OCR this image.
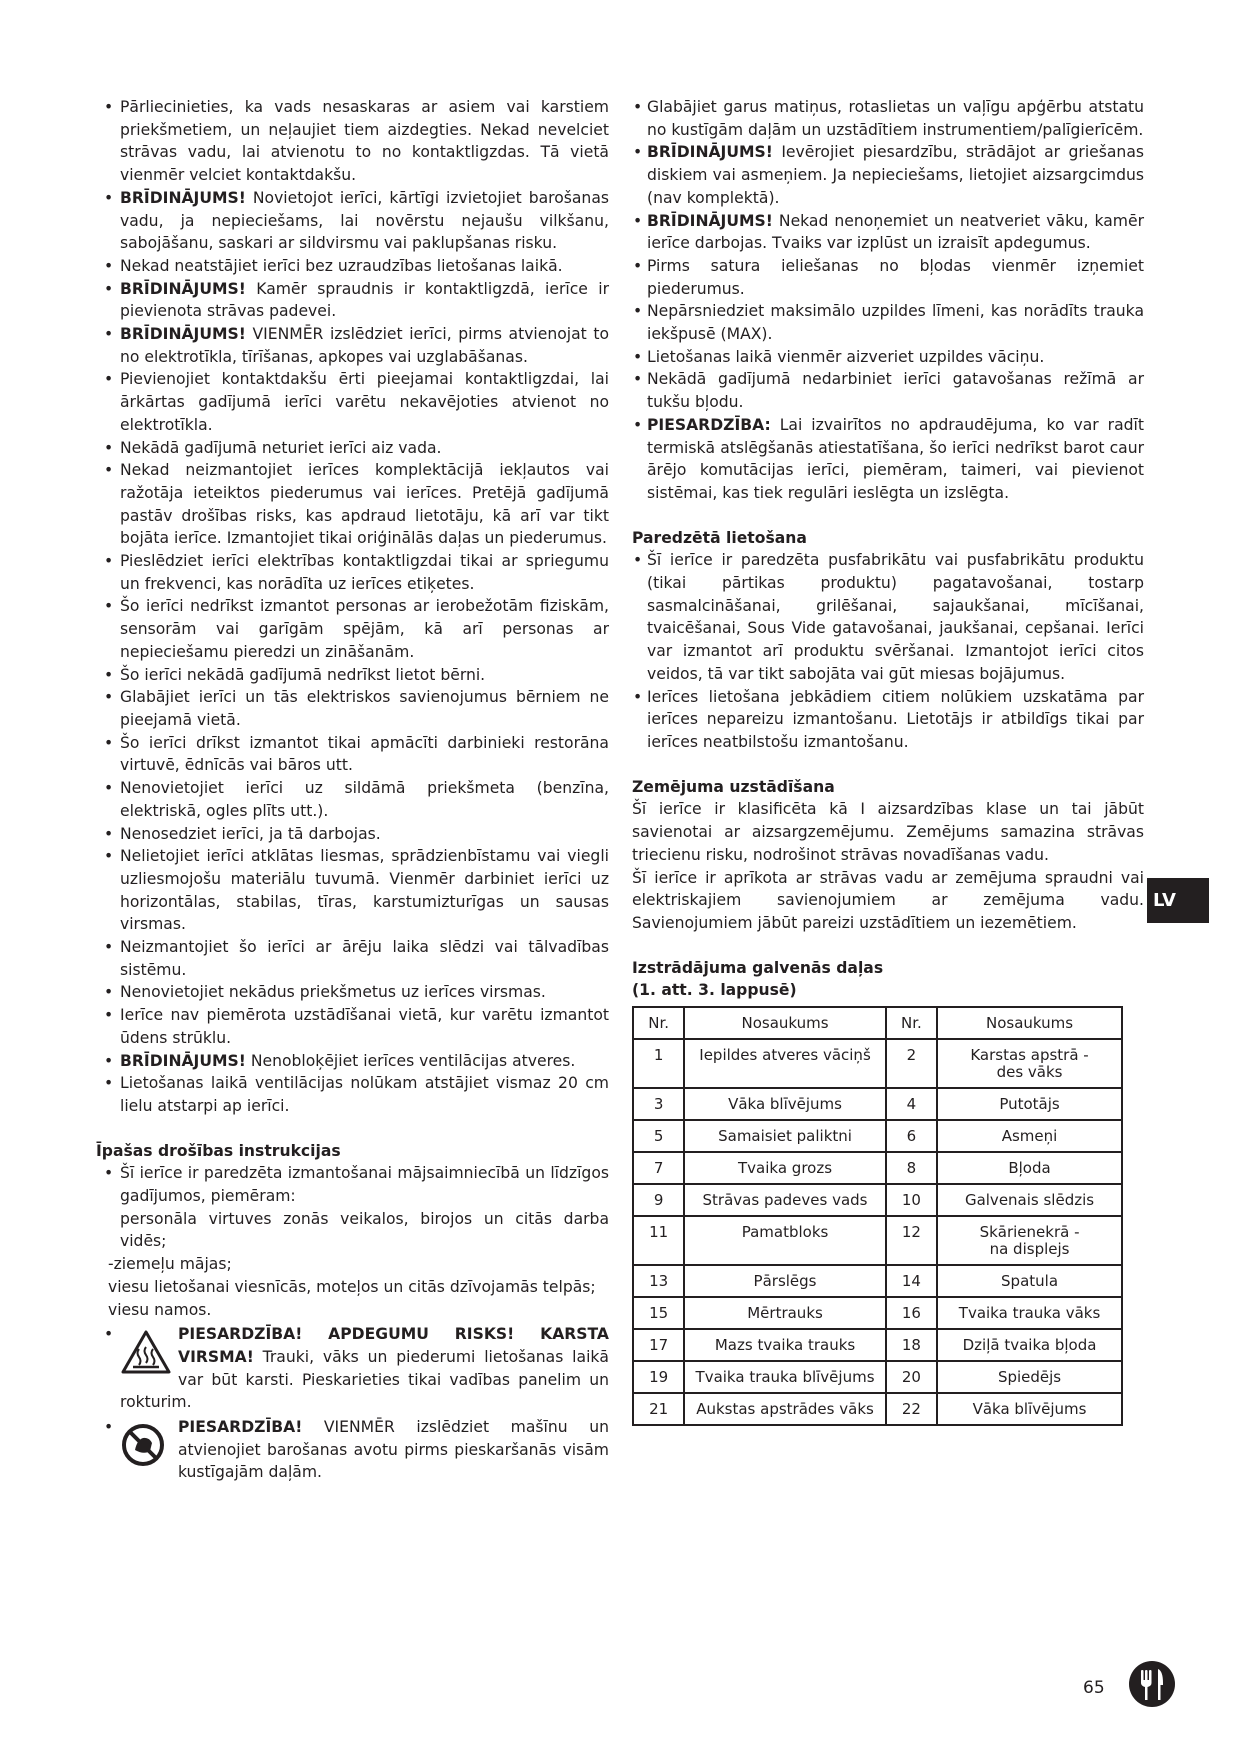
• Pārliecinieties, ka vads nesaskaras ar asiem vai karstiem priekšmetiem, un neļaujiet tiem aizdegties. Nekad nevelciet strāvas vadu, lai atvienotu to no kontaktligzdas. Tā vietā vienmēr velciet kontaktdakšu.
• BRĪDINĀJUMS! Novietojot ierīci, kārtīgi izvietojiet barošanas vadu, ja nepieciešams, lai novērstu nejaušu vilkšanu, sabojāšanu, saskari ar sildvirsmu vai paklupšanas risku.
• Nekad neatstājiet ierīci bez uzraudzības lietošanas laikā.
• BRĪDINĀJUMS! Kamēr spraudnis ir kontaktligzdā, ierīce ir pievienota strāvas padevei.
• BRĪDINĀJUMS! VIENMĒR izslēdziet ierīci, pirms atvienojat to no elektrotīkla, tīrīšanas, apkopes vai uzglabāšanas.
• Pievienojiet kontaktdakšu ērti pieejamai kontaktligzdai, lai ārkārtas gadījumā ierīci varētu nekavējoties atvienot no elektrotīkla.
• Nekādā gadījumā neturiet ierīci aiz vada.
• Nekad neizmantojiet ierīces komplektācijā iekļautos vai ražotāja ieteiktos piederumus vai ierīces. Pretējā gadījumā pastāv drošības risks, kas apdraud lietotāju, kā arī var tikt bojāta ierīce. Izmantojiet tikai oriģinālās daļas un piederumus.
• Pieslēdziet ierīci elektrības kontaktligzdai tikai ar spriegumu un frekvenci, kas norādīta uz ierīces etiķetes.
• Šo ierīci nedrīkst izmantot personas ar ierobežotām fiziskām, sensorām vai garīgām spējām, kā arī personas ar nepieciešamu pieredzi un zināšanām.
• Šo ierīci nekādā gadījumā nedrīkst lietot bērni.
• Glabājiet ierīci un tās elektriskos savienojumus bērniem ne pieejamā vietā.
• Šo ierīci drīkst izmantot tikai apmācīti darbinieki restorāna virtuvē, ēdnīcās vai bāros utt.
• Nenovietojiet ierīci uz sildāmā priekšmeta (benzīna, elektriskā, ogles plīts utt.).
• Nenosedziet ierīci, ja tā darbojas.
• Nelietojiet ierīci atklātas liesmas, sprādzienbīstamu vai viegli uzliesmojošu materiālu tuvumā. Vienmēr darbiniet ierīci uz horizontālas, stabilas, tīras, karstumizturīgas un sausas virsmas.
• Neizmantojiet šo ierīci ar ārēju laika slēdzi vai tālvadības sistēmu.
• Nenovietojiet nekādus priekšmetus uz ierīces virsmas.
• Ierīce nav piemērota uzstādīšanai vietā, kur varētu izmantot ūdens strūklu.
• BRĪDINĀJUMS! Nenobloķējiet ierīces ventilācijas atveres.
• Lietošanas laikā ventilācijas nolūkam atstājiet vismaz 20 cm lielu atstarpi ap ierīci.
Īpašas drošības instrukcijas
• Šī ierīce ir paredzēta izmantošanai mājsaimniecībā un līdzīgos gadījumos, piemēram:

personāla virtuves zonās veikalos, birojos un citās darba vidēs;

-ziemeļu mājas;

viesu lietošanai viesnīcās, moteļos un citās dzīvojamās telpās;

viesu namos.

• PIESARDZĪBA! APDEGUMU RISKS! KARSTA VIRSMA! Trauki, vāks un piederumi lietošanas laikā var būt karsti. Pieskarieties tikai vadības panelim un rokturim.
• PIESARDZĪBA! VIENMĒR izslēdziet mašīnu un atvienojiet barošanas avotu pirms pieskaršanās visām kustīgajām daļām.
• Glabājiet garus matiņus, rotaslietas un vaļīgu apģērbu atstatu no kustīgām daļām un uzstādītiem instrumentiem/palīgierīcēm.
• BRĪDINĀJUMS! Ievērojiet piesardzību, strādājot ar griešanas diskiem vai asmeņiem. Ja nepieciešams, lietojiet aizsargcimdus (nav komplektā).
• BRĪDINĀJUMS! Nekad nenoņemiet un neatveriet vāku, kamēr ierīce darbojas. Tvaiks var izplūst un izraisīt apdegumus.
• Pirms satura ieliešanas no bļodas vienmēr izņemiet piederumus.
• Nepārsniedziet maksimālo uzpildes līmeni, kas norādīts trauka iekšpusē (MAX).
• Lietošanas laikā vienmēr aizveriet uzpildes vāciņu.
• Nekādā gadījumā nedarbiniet ierīci gatavošanas režīmā ar tukšu bļodu.
• PIESARDZĪBA: Lai izvairītos no apdraudējuma, ko var radīt termiskā atslēgšanās atiestatīšana, šo ierīci nedrīkst barot caur ārējo komutācijas ierīci, piemēram, taimeri, vai pievienot sistēmai, kas tiek regulāri ieslēgta un izslēgta.
Paredzētā lietošana
• Šī ierīce ir paredzēta pusfabrikātu vai pusfabrikātu produktu (tikai pārtikas produktu) pagatavošanai, tostarp sasmalcināšanai, grilēšanai, sajaukšanai, mīcīšanai, tvaicēšanai, Sous Vide gatavošanai, jaukšanai, cepšanai. Ierīci var izmantot arī produktu svēršanai. Izmantojot ierīci citos veidos, tā var tikt sabojāta vai gūt miesas bojājumus.
• Ierīces lietošana jebkādiem citiem nolūkiem uzskatāma par ierīces nepareizu izmantošanu. Lietotājs ir atbildīgs tikai par ierīces neatbilstošu izmantošanu.
Zemējuma uzstādīšana

Šī ierīce ir klasificēta kā I aizsardzības klase un tai jābūt savienotai ar aizsargzemējumu. Zemējums samazina strāvas triecienu risku, nodrošinot strāvas novadīšanas vadu.

Šī ierīce ir aprīkota ar strāvas vadu ar zemējuma spraudni vai elektriskajiem savienojumiem ar zemējuma vadu. Savienojumiem jābūt pareizi uzstādītiem un iezemētiem.

Izstrādājuma galvenās daļas
(1. att. 3. lappusē)
Nr.	Nosaukums	Nr.	Nosaukums
1	Iepildes atveres vāciņš	2	Karstas apstrā -
des vāks
3	Vāka blīvējums	4	Putotājs
5	Samaisiet paliktni	6	Asmeņi
7	Tvaika grozs	8	Bļoda
9	Strāvas padeves vads	10	Galvenais slēdzis
11	Pamatbloks	12	Skārienekrā -
na displejs
13	Pārslēgs	14	Spatula
15	Mērtrauks	16	Tvaika trauka vāks
17	Mazs tvaika trauks	18	Dziļā tvaika bļoda
19	Tvaika trauka blīvējums	20	Spiedējs
21	Aukstas apstrādes vāks	22	Vāka blīvējums
LV
65
